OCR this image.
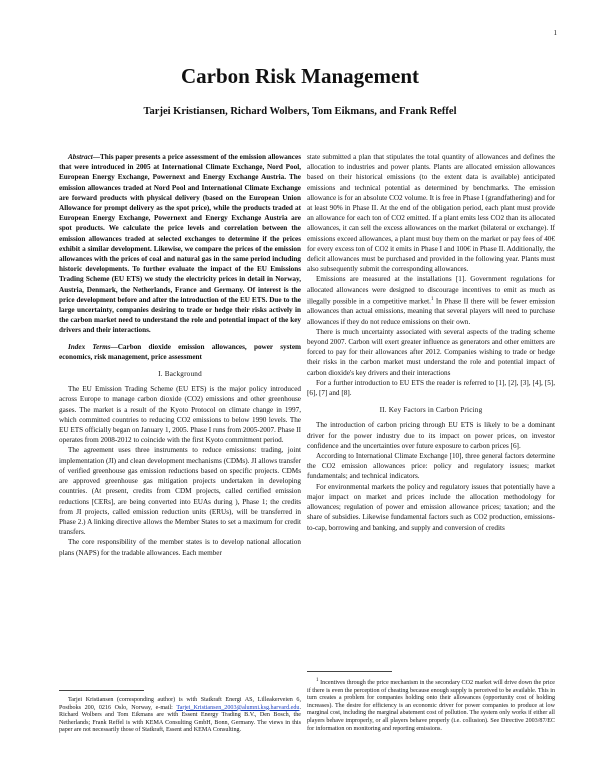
1
Carbon Risk Management
Tarjei Kristiansen, Richard Wolbers, Tom Eikmans, and Frank Reffel

Abstract—This paper presents a price assessment of the emission allowances that were introduced in 2005 at International Climate Exchange, Nord Pool, European Energy Exchange, Powernext and Energy Exchange Austria. The emission allowances traded at Nord Pool and International Climate Exchange are forward products with physical delivery (based on the European Union Allowance for prompt delivery as the spot price), while the products traded at European Energy Exchange, Powernext and Energy Exchange Austria are spot products. We calculate the price levels and correlation between the emission allowances traded at selected exchanges to determine if the prices exhibit a similar development. Likewise, we compare the prices of the emission allowances with the prices of coal and natural gas in the same period including historic developments. To further evaluate the impact of the EU Emissions Trading Scheme (EU ETS) we study the electricity prices in detail in Norway, Austria, Denmark, the Netherlands, France and Germany. Of interest is the price development before and after the introduction of the EU ETS. Due to the large uncertainty, companies desiring to trade or hedge their risks actively in the carbon market need to understand the role and potential impact of the key drivers and their interactions.

Index Terms—Carbon dioxide emission allowances, power system economics, risk management, price assessment

I. Background

The EU Emission Trading Scheme (EU ETS) is the major policy introduced across Europe to manage carbon dioxide (CO2) emissions and other greenhouse gases. The market is a result of the Kyoto Protocol on climate change in 1997, which committed countries to reducing CO2 emissions to below 1990 levels. The EU ETS officially began on January 1, 2005. Phase I runs from 2005-2007. Phase II operates from 2008-2012 to coincide with the first Kyoto commitment period.

The agreement uses three instruments to reduce emissions: trading, joint implementation (JI) and clean development mechanisms (CDMs). JI allows transfer of verified greenhouse gas emission reductions based on specific projects. CDMs are approved greenhouse gas mitigation projects undertaken in developing countries. (At present, credits from CDM projects, called certified emission reductions [CERs], are being converted into EUAs during ), Phase 1; the credits from JI projects, called emission reduction units (ERUs), will be transferred in Phase 2.) A linking directive allows the Member States to set a maximum for credit transfers.

The core responsibility of the member states is to develop national allocation plans (NAPS) for the tradable allowances. Each member

state submitted a plan that stipulates the total quantity of allowances and defines the allocation to industries and power plants. Plants are allocated emission allowances based on their historical emissions (to the extent data is available) anticipated emissions and technical potential as determined by benchmarks. The emission allowance is for an absolute CO2 volume. It is free in Phase I (grandfathering) and for at least 90% in Phase II. At the end of the obligation period, each plant must provide an allowance for each ton of CO2 emitted. If a plant emits less CO2 than its allocated allowances, it can sell the excess allowances on the market (bilateral or exchange). If emissions exceed allowances, a plant must buy them on the market or pay fees of 40€ for every excess ton of CO2 it emits in Phase I and 100€ in Phase II. Additionally, the deficit allowances must be purchased and provided in the following year. Plants must also subsequently submit the corresponding allowances.

Emissions are measured at the installations [1]. Government regulations for allocated allowances were designed to discourage incentives to emit as much as illegally possible in a competitive market.$^1$ In Phase II there will be fewer emission allowances than actual emissions, meaning that several players will need to purchase allowances if they do not reduce emissions on their own.

There is much uncertainty associated with several aspects of the trading scheme beyond 2007. Carbon will exert greater influence as generators and other emitters are forced to pay for their allowances after 2012. Companies wishing to trade or hedge their risks in the carbon market must understand the role and potential impact of carbon dioxide's key drivers and their interactions

For a further introduction to EU ETS the reader is referred to [1], [2], [3], [4], [5], [6], [7] and [8].

II. Key Factors in Carbon Pricing

The introduction of carbon pricing through EU ETS is likely to be a dominant driver for the power industry due to its impact on power prices, on investor confidence and the uncertainties over future exposure to carbon prices [6].

According to International Climate Exchange [10], three general factors determine the CO2 emission allowances price: policy and regulatory issues; market fundamentals; and technical indicators.

For environmental markets the policy and regulatory issues that potentially have a major impact on market and prices include the allocation methodology for allowances; regulation of power and emission allowance prices; taxation; and the share of subsidies. Likewise fundamental factors such as CO2 production, emissions-to-cap, borrowing and banking, and supply and conversion of credits

Tarjei Kristiansen (corresponding author) is with Statkraft Energi AS, Lilleakerveien 6, Postboks 200, 0216 Oslo, Norway, e-mail: Tarjei_Kristiansen_2003@alumni.ksg.harvard.edu. Richard Wolbers and Tom Eikmans are with Essent Energy Trading B.V., Den Bosch, the Netherlands; Frank Reffel is with KEMA Consulting GmbH, Bonn, Germany. The views in this paper are not necessarily those of Statkraft, Essent and KEMA Consulting.
$^1$ Incentives through the price mechanism in the secondary CO2 market will drive down the price if there is even the perception of cheating because enough supply is perceived to be available. This in turn creates a problem for companies holding onto their allowances (opportunity cost of holding increases). The desire for efficiency is an economic driver for power companies to produce at low marginal cost, including the marginal abatement cost of pollution. The system only works if either all players behave improperly, or all players behave properly (i.e. collusion). See Directive 2003/87/EC for information on monitoring and reporting emissions.
